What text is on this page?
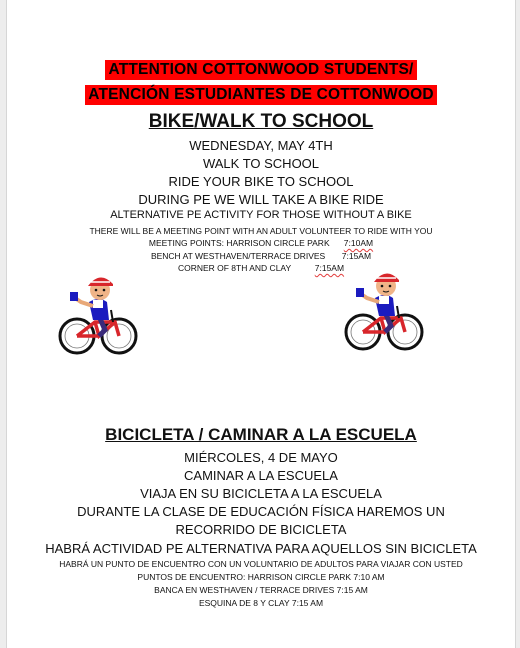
ATTENTION COTTONWOOD STUDENTS/
ATENCIÓN ESTUDIANTES DE COTTONWOOD
BIKE/WALK TO SCHOOL
WEDNESDAY, MAY 4TH
WALK TO SCHOOL
RIDE YOUR BIKE TO SCHOOL
DURING PE WE WILL TAKE A BIKE RIDE
ALTERNATIVE PE ACTIVITY FOR THOSE WITHOUT A BIKE
THERE WILL BE A MEETING POINT WITH AN ADULT VOLUNTEER TO RIDE WITH YOU
MEETING POINTS: HARRISON CIRCLE PARK 7:10AM
BENCH AT WESTHAVEN/TERRACE DRIVES 7:15AM
CORNER OF 8TH AND CLAY	7:15AM
BICICLETA / CAMINAR A LA ESCUELA
MIÉRCOLES, 4 DE MAYO
CAMINAR A LA ESCUELA
VIAJA EN SU BICICLETA A LA ESCUELA
DURANTE LA CLASE DE EDUCACIÓN FÍSICA HAREMOS UN
RECORRIDO DE BICICLETA
HABRÁ ACTIVIDAD PE ALTERNATIVA PARA AQUELLOS SIN BICICLETA
HABRÁ UN PUNTO DE ENCUENTRO CON UN VOLUNTARIO DE ADULTOS PARA VIAJAR CON USTED
PUNTOS DE ENCUENTRO: HARRISON CIRCLE PARK 7:10 AM
BANCA EN WESTHAVEN / TERRACE DRIVES 7:15 AM
ESQUINA DE 8 Y CLAY 7:15 AM
